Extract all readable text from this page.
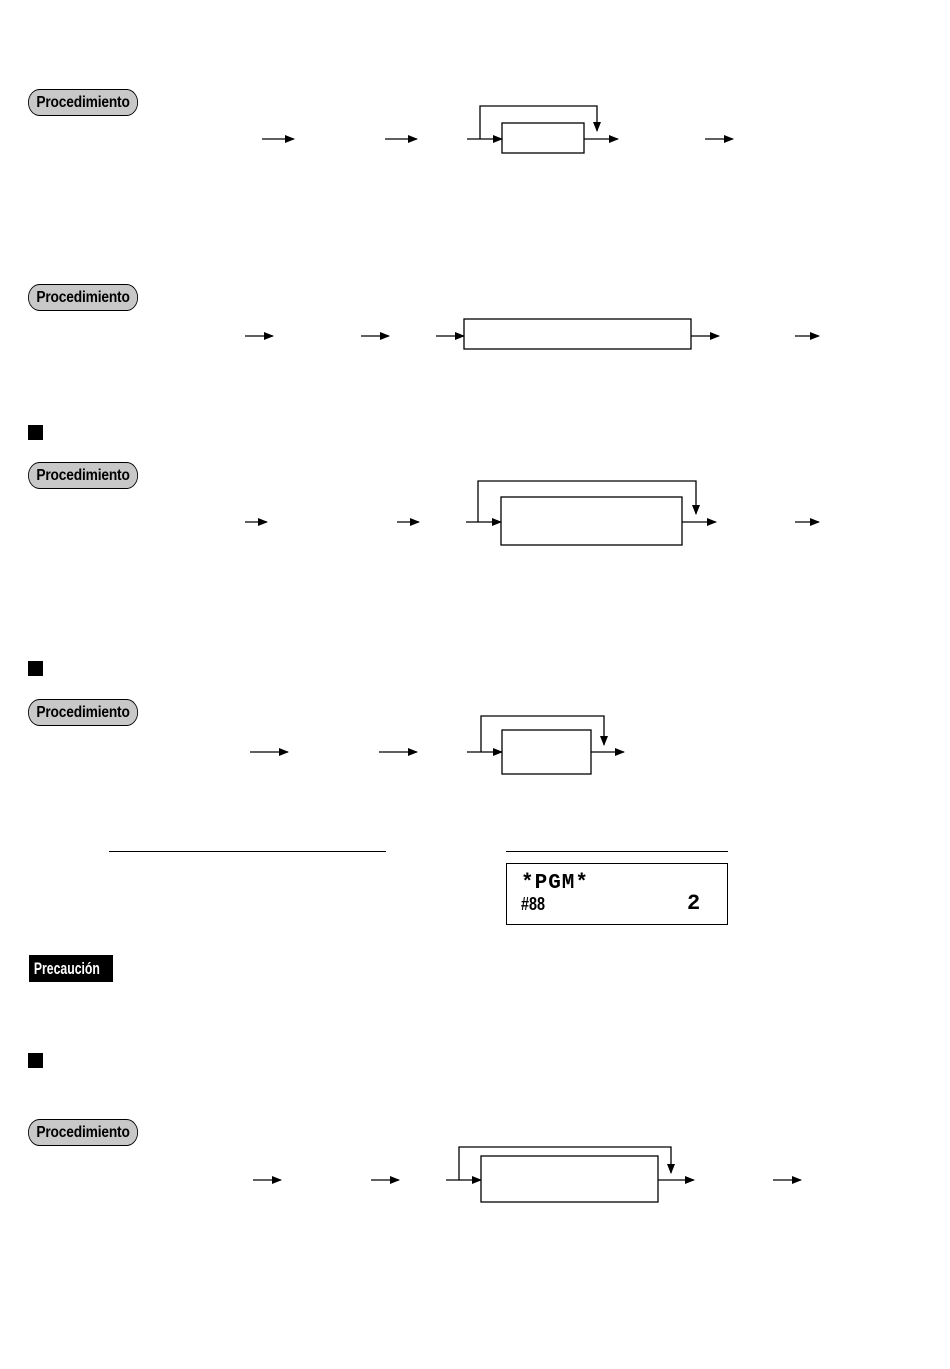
Procedimiento
Procedimiento
Procedimiento
Procedimiento
*PGM*
#88	2
Precaución
Procedimiento
